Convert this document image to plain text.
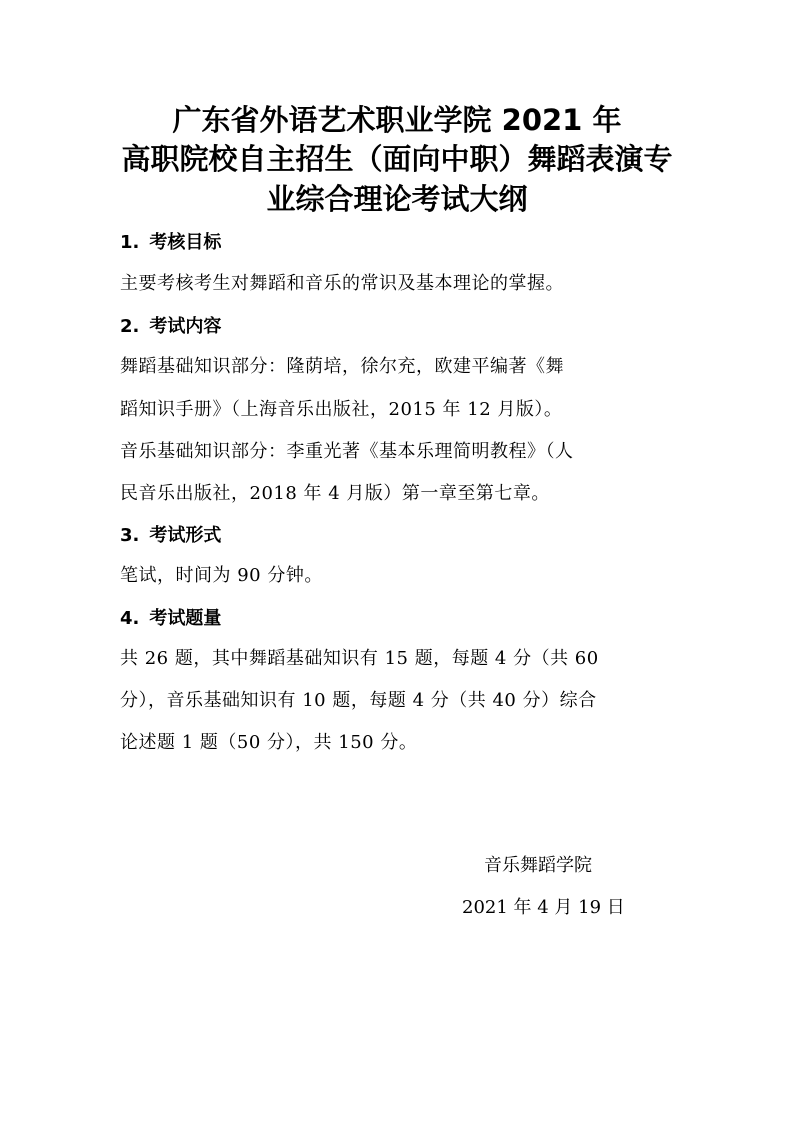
广东省外语艺术职业学院 2021 年
高职院校自主招生（面向中职）舞蹈表演专
业综合理论考试大纲
1. 考核目标
主要考核考生对舞蹈和音乐的常识及基本理论的掌握。
2. 考试内容
舞蹈基础知识部分：隆荫培，徐尔充，欧建平编著《舞
蹈知识手册》（上海音乐出版社，2015 年 12 月版）。
音乐基础知识部分：李重光著《基本乐理简明教程》（人
民音乐出版社，2018 年 4 月版）第一章至第七章。
3. 考试形式
笔试，时间为 90 分钟。
4. 考试题量
共 26 题，其中舞蹈基础知识有 15 题，每题 4 分（共 60
分），音乐基础知识有 10 题，每题 4 分（共 40 分）综合
论述题 1 题（50 分），共 150 分。
音乐舞蹈学院
2021 年 4 月 19 日
